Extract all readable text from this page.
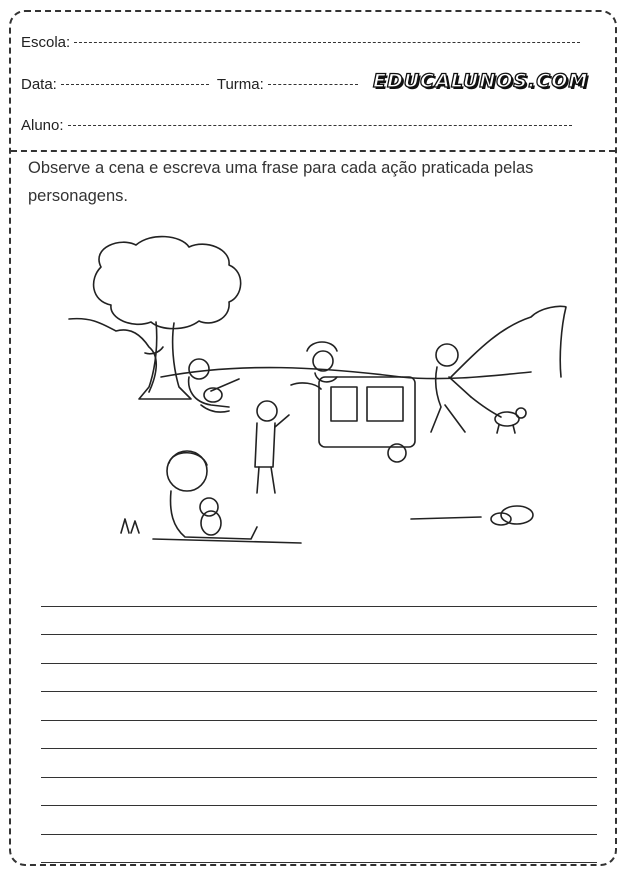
Escola:
Data:	Turma:	EDUCALUNOS.COM
Aluno:
Observe a cena e escreva uma frase para cada ação praticada pelas personagens.
